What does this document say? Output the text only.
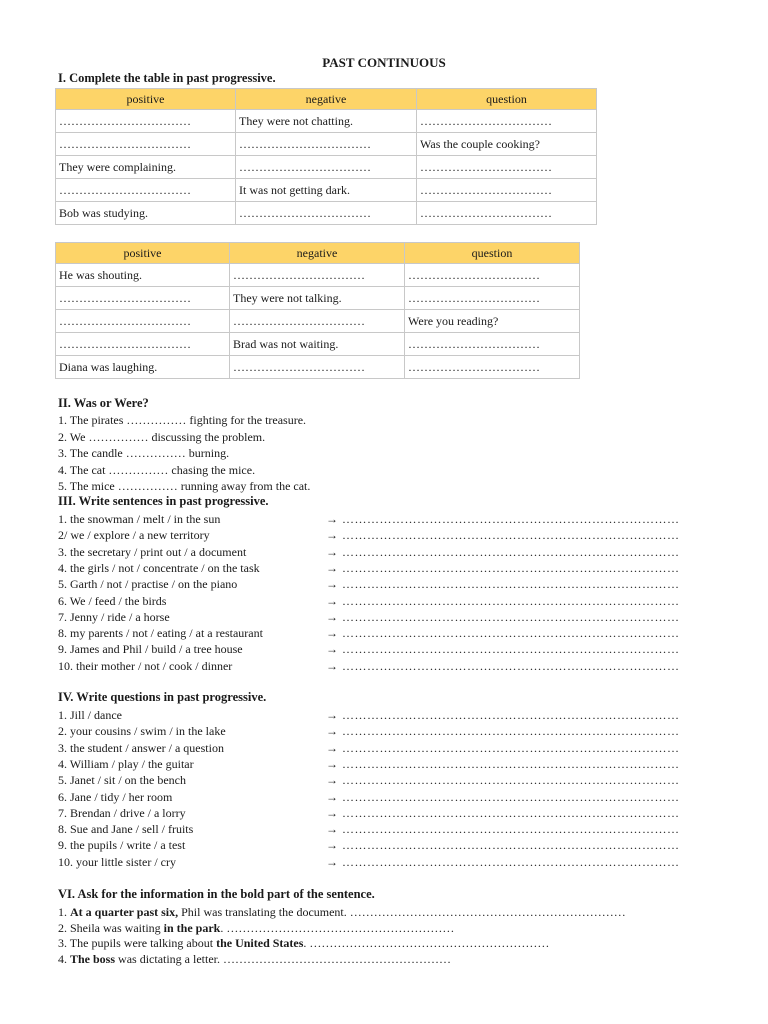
PAST CONTINUOUS
I. Complete the table in past progressive.
positive	negative	question
……………………………	They were not chatting.	……………………………
……………………………	……………………………	Was the couple cooking?
They were complaining.	……………………………	……………………………
……………………………	It was not getting dark.	……………………………
Bob was studying.	……………………………	……………………………
positive	negative	question
He was shouting.	……………………………	……………………………
……………………………	They were not talking.	……………………………
……………………………	……………………………	Were you reading?
……………………………	Brad was not waiting.	……………………………
Diana was laughing.	……………………………	……………………………
II. Was or Were?
1. The pirates …………… fighting for the treasure.
2. We …………… discussing the problem.
3. The candle …………… burning.
4. The cat …………… chasing the mice.
5. The mice …………… running away from the cat.
III. Write sentences in past progressive.
1. the snowman / melt / in the sun	→ ………………………………………………………………………
2/ we / explore / a new territory	→ ………………………………………………………………………
3. the secretary / print out / a document	→ ………………………………………………………………………
4. the girls / not / concentrate / on the task	→ ………………………………………………………………………
5. Garth / not / practise / on the piano	→ ………………………………………………………………………
6. We / feed / the birds	→ ………………………………………………………………………
7. Jenny / ride / a horse	→ ………………………………………………………………………
8. my parents / not / eating / at a restaurant	→ ………………………………………………………………………
9. James and Phil / build / a tree house	→ ………………………………………………………………………
10. their mother / not / cook / dinner	→ ………………………………………………………………………
IV. Write questions in past progressive.
1. Jill / dance	→ ………………………………………………………………………
2. your cousins / swim / in the lake	→ ………………………………………………………………………
3. the student / answer / a question	→ ………………………………………………………………………
4. William / play / the guitar	→ ………………………………………………………………………
5. Janet / sit / on the bench	→ ………………………………………………………………………
6. Jane / tidy / her room	→ ………………………………………………………………………
7. Brendan / drive / a lorry	→ ………………………………………………………………………
8. Sue and Jane / sell / fruits	→ ………………………………………………………………………
9. the pupils / write / a test	→ ………………………………………………………………………
10. your little sister / cry	→ ………………………………………………………………………
VI. Ask for the information in the bold part of the sentence.
1. At a quarter past six, Phil was translating the document. ……………………………………………………………
2. Sheila was waiting in the park. …………………………………………………
3. The pupils were talking about the United States. ……………………………………………………
4. The boss was dictating a letter. …………………………………………………
